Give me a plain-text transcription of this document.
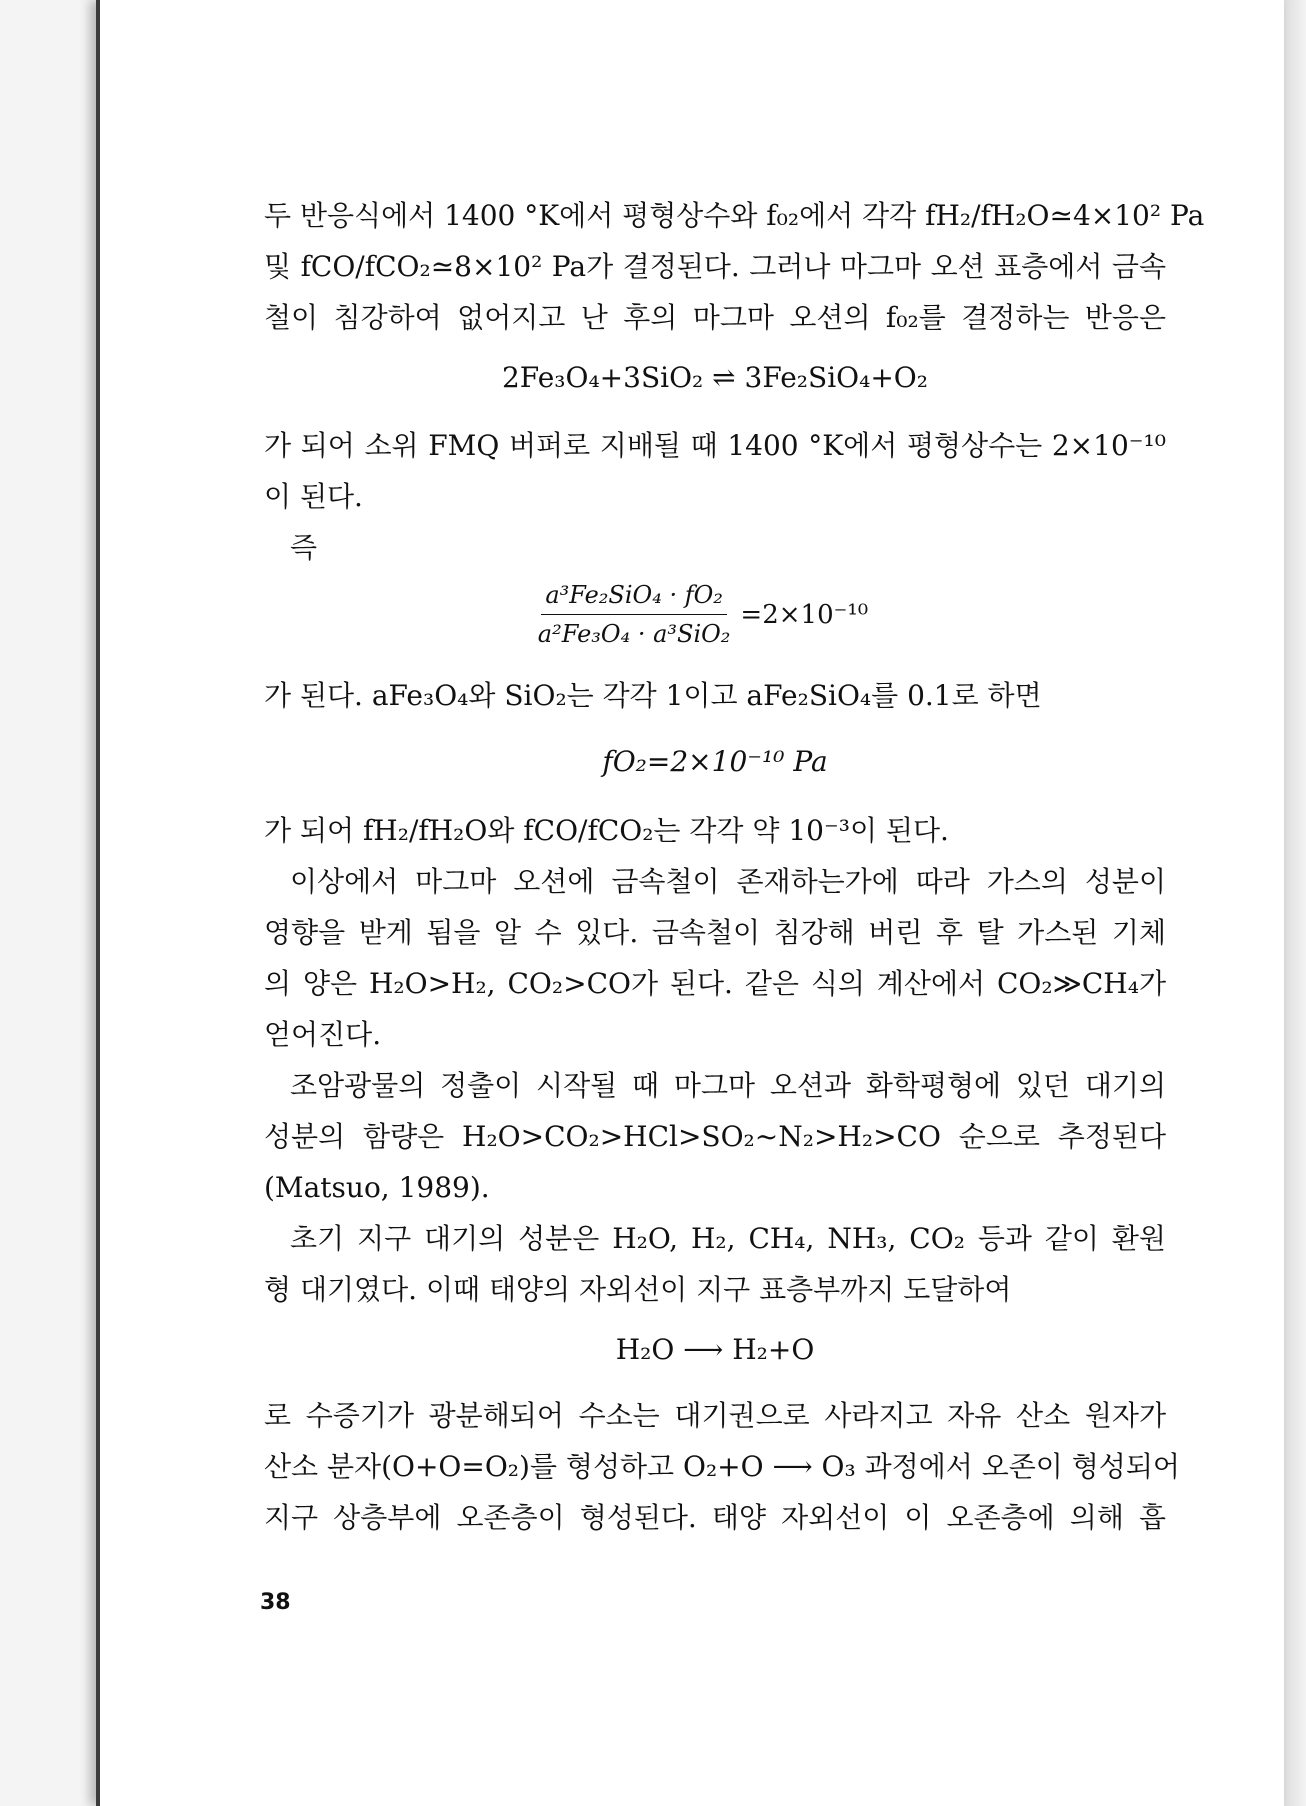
두 반응식에서 1400 °K에서 평형상수와 f₀₂에서 각각 fH₂/fH₂O≃4×10² Pa

및 fCO/fCO₂≃8×10² Pa가 결정된다. 그러나 마그마 오션 표층에서 금속

철이 침강하여 없어지고 난 후의 마그마 오션의 f₀₂를 결정하는 반응은

2Fe₃O₄+3SiO₂ ⇌ 3Fe₂SiO₄+O₂

가 되어 소위 FMQ 버퍼로 지배될 때 1400 °K에서 평형상수는 2×10⁻¹⁰

이 된다.

즉

$\frac{\text{a³Fe₂SiO₄ · fO₂}}{\text{a²Fe₃O₄ · a³SiO₂}} =2\times 10^{-10}$

가 된다. aFe₃O₄와 SiO₂는 각각 1이고 aFe₂SiO₄를 0.1로 하면

fO₂=2×10⁻¹⁰ Pa

가 되어 fH₂/fH₂O와 fCO/fCO₂는 각각 약 10⁻³이 된다.

이상에서 마그마 오션에 금속철이 존재하는가에 따라 가스의 성분이

영향을 받게 됨을 알 수 있다. 금속철이 침강해 버린 후 탈 가스된 기체

의 양은 H₂O>H₂, CO₂>CO가 된다. 같은 식의 계산에서 CO₂≫CH₄가

얻어진다.

조암광물의 정출이 시작될 때 마그마 오션과 화학평형에 있던 대기의

성분의 함량은 H₂O>CO₂>HCl>SO₂~N₂>H₂>CO 순으로 추정된다

(Matsuo, 1989).

초기 지구 대기의 성분은 H₂O, H₂, CH₄, NH₃, CO₂ 등과 같이 환원

형 대기였다. 이때 태양의 자외선이 지구 표층부까지 도달하여

H₂O ⟶ H₂+O

로 수증기가 광분해되어 수소는 대기권으로 사라지고 자유 산소 원자가

산소 분자(O+O=O₂)를 형성하고 O₂+O ⟶ O₃ 과정에서 오존이 형성되어

지구 상층부에 오존층이 형성된다. 태양 자외선이 이 오존층에 의해 흡

38
